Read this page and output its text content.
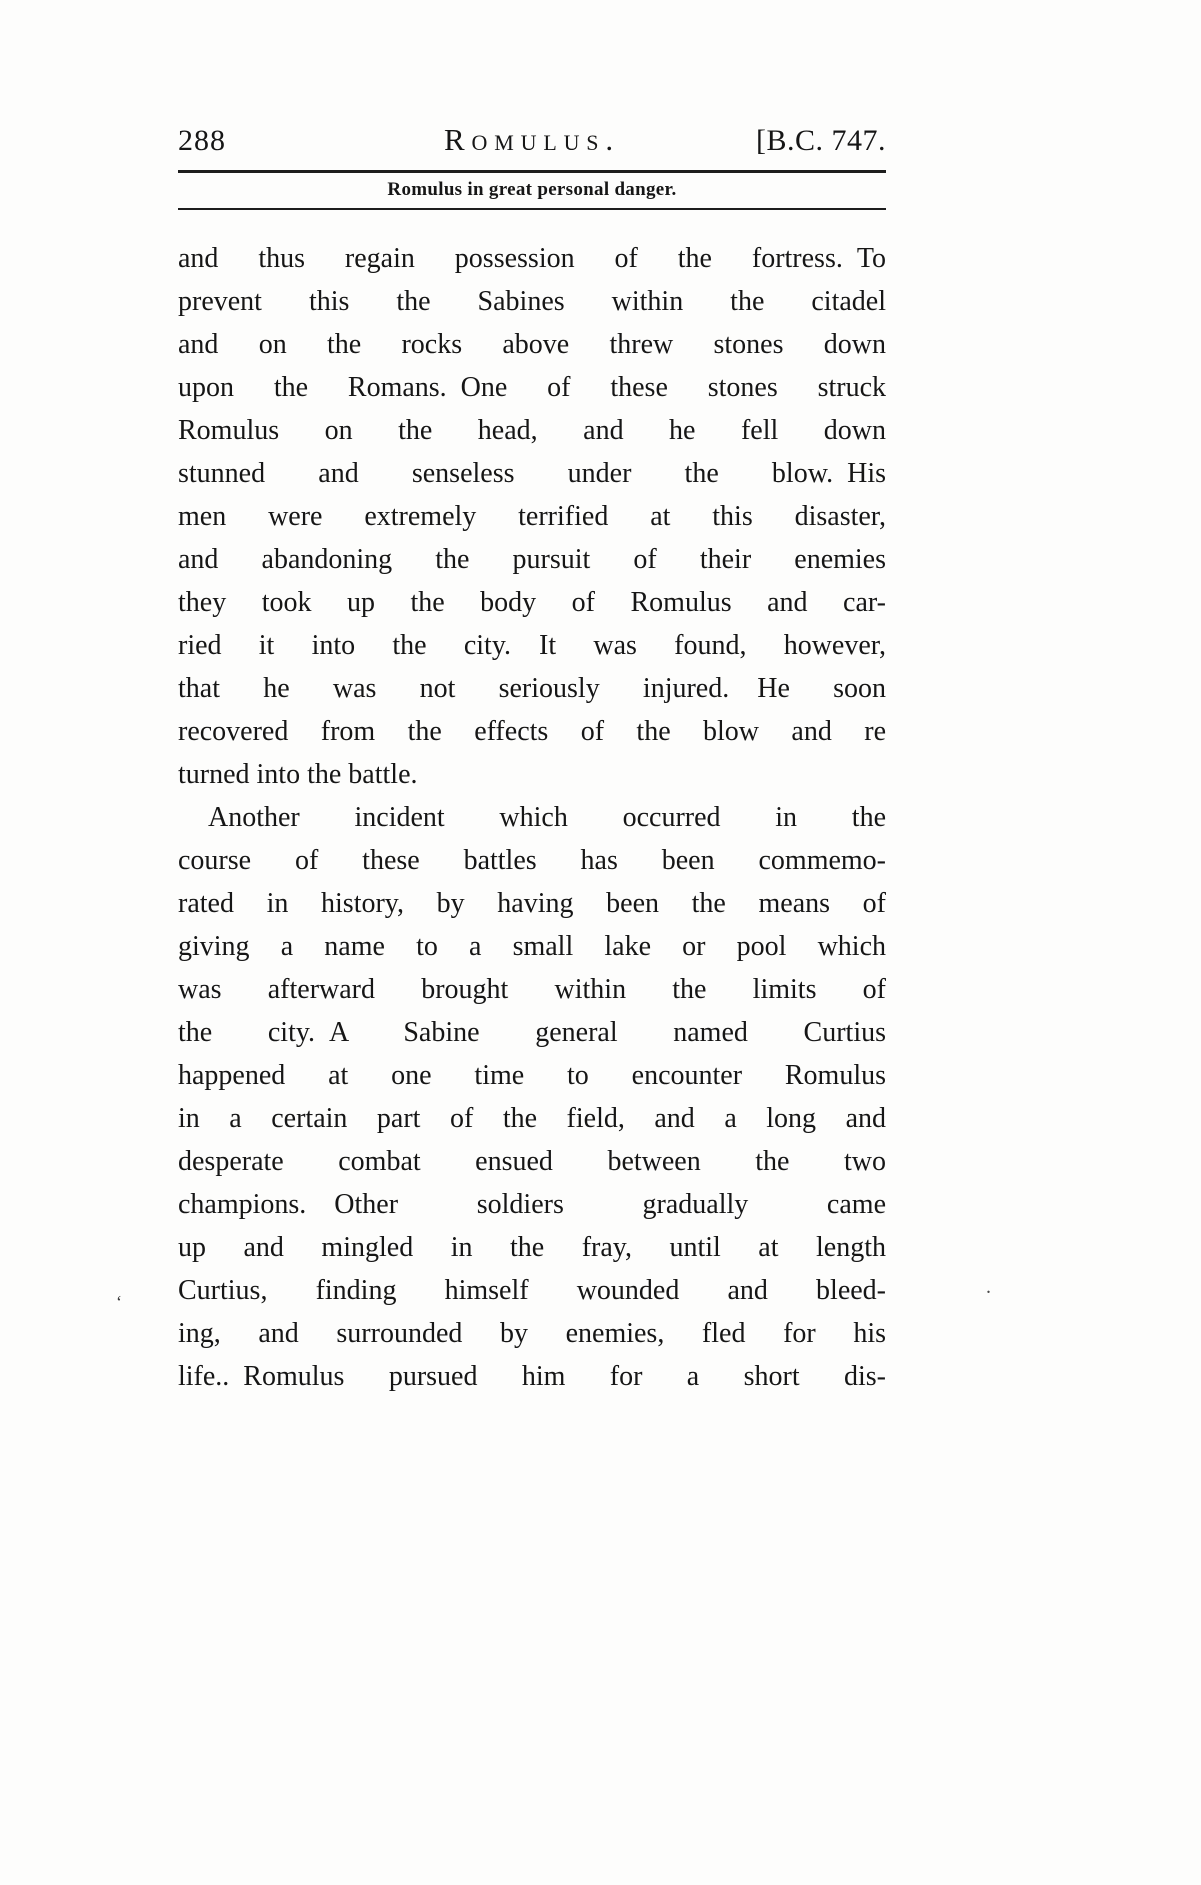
288	Romulus.	[B.C. 747.
Romulus in great personal danger.
and thus regain possession of the fortress. To
prevent this the Sabines within the citadel
and on the rocks above threw stones down
upon the Romans. One of these stones struck
Romulus on the head, and he fell down
stunned and senseless under the blow. His
men were extremely terrified at this disaster,
and abandoning the pursuit of their enemies
they took up the body of Romulus and car-
ried it into the city.  It was found, however,
that he was not seriously injured.  He soon
recovered from the effects of the blow and re
turned into the battle.
Another incident which occurred in the
course of these battles has been commemo-
rated in history, by having been the means of
giving a name to a small lake or pool which
was afterward brought within the limits of
the city. A Sabine general named Curtius
happened at one time to encounter Romulus
in a certain part of the field, and a long and
desperate combat ensued between the two
champions.  Other soldiers gradually came
up and mingled in the fray, until at length
Curtius, finding himself wounded and bleed-
ing, and surrounded by enemies, fled for his
life.. Romulus pursued him for a short dis-
‘
.
